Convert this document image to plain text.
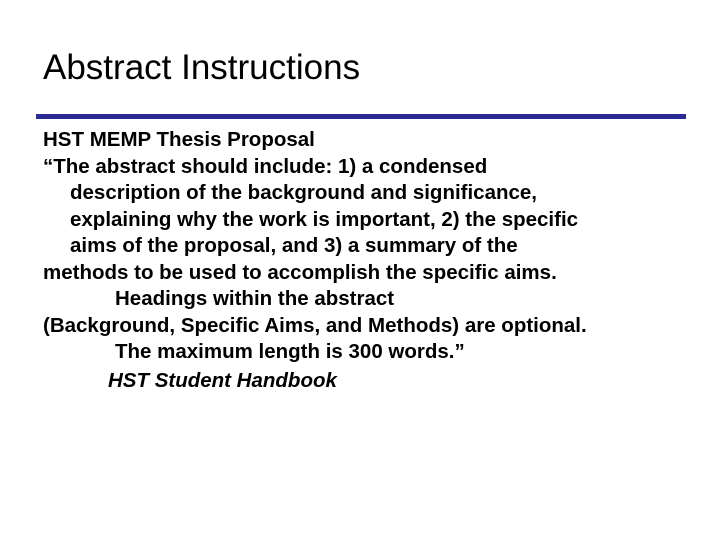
Abstract Instructions
HST MEMP Thesis Proposal
“The abstract should include: 1) a condensed
description of the background and significance,
explaining why the work is important, 2) the specific
aims of the proposal, and 3) a summary of the
methods to be used to accomplish the specific aims.
Headings within the abstract
(Background, Specific Aims, and Methods) are optional.
The maximum length is 300 words.”
HST Student Handbook
